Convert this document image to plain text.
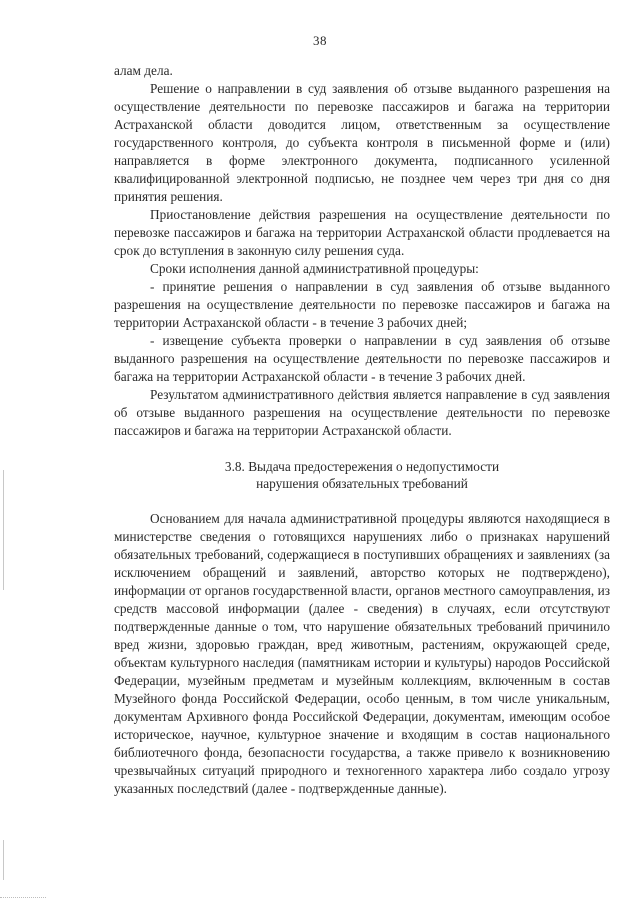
38

алам дела.

Решение о направлении в суд заявления об отзыве выданного разрешения на осуществление деятельности по перевозке пассажиров и багажа на территории Астраханской области доводится лицом, ответственным за осуществление государственного контроля, до субъекта контроля в письменной форме и (или) направляется в форме электронного документа, подписанного усиленной квалифицированной электронной подписью, не позднее чем через три дня со дня принятия решения.

Приостановление действия разрешения на осуществление деятельности по перевозке пассажиров и багажа на территории Астраханской области продлевается на срок до вступления в законную силу решения суда.

Сроки исполнения данной административной процедуры:

- принятие решения о направлении в суд заявления об отзыве выданного разрешения на осуществление деятельности по перевозке пассажиров и багажа на территории Астраханской области - в течение 3 рабочих дней;

- извещение субъекта проверки о направлении в суд заявления об отзыве выданного разрешения на осуществление деятельности по перевозке пассажиров и багажа на территории Астраханской области - в течение 3 рабочих дней.

Результатом административного действия является направление в суд заявления об отзыве выданного разрешения на осуществление деятельности по перевозке пассажиров и багажа на территории Астраханской области.

3.8. Выдача предостережения о недопустимости
нарушения обязательных требований

Основанием для начала административной процедуры являются находящиеся в министерстве сведения о готовящихся нарушениях либо о признаках нарушений обязательных требований, содержащиеся в поступивших обращениях и заявлениях (за исключением обращений и заявлений, авторство которых не подтверждено), информации от органов государственной власти, органов местного самоуправления, из средств массовой информации (далее - сведения) в случаях, если отсутствуют подтвержденные данные о том, что нарушение обязательных требований причинило вред жизни, здоровью граждан, вред животным, растениям, окружающей среде, объектам культурного наследия (памятникам истории и культуры) народов Российской Федерации, музейным предметам и музейным коллекциям, включенным в состав Музейного фонда Российской Федерации, особо ценным, в том числе уникальным, документам Архивного фонда Российской Федерации, документам, имеющим особое историческое, научное, культурное значение и входящим в состав национального библиотечного фонда, безопасности государства, а также привело к возникновению чрезвычайных ситуаций природного и техногенного характера либо создало угрозу указанных последствий (далее - подтвержденные данные).
